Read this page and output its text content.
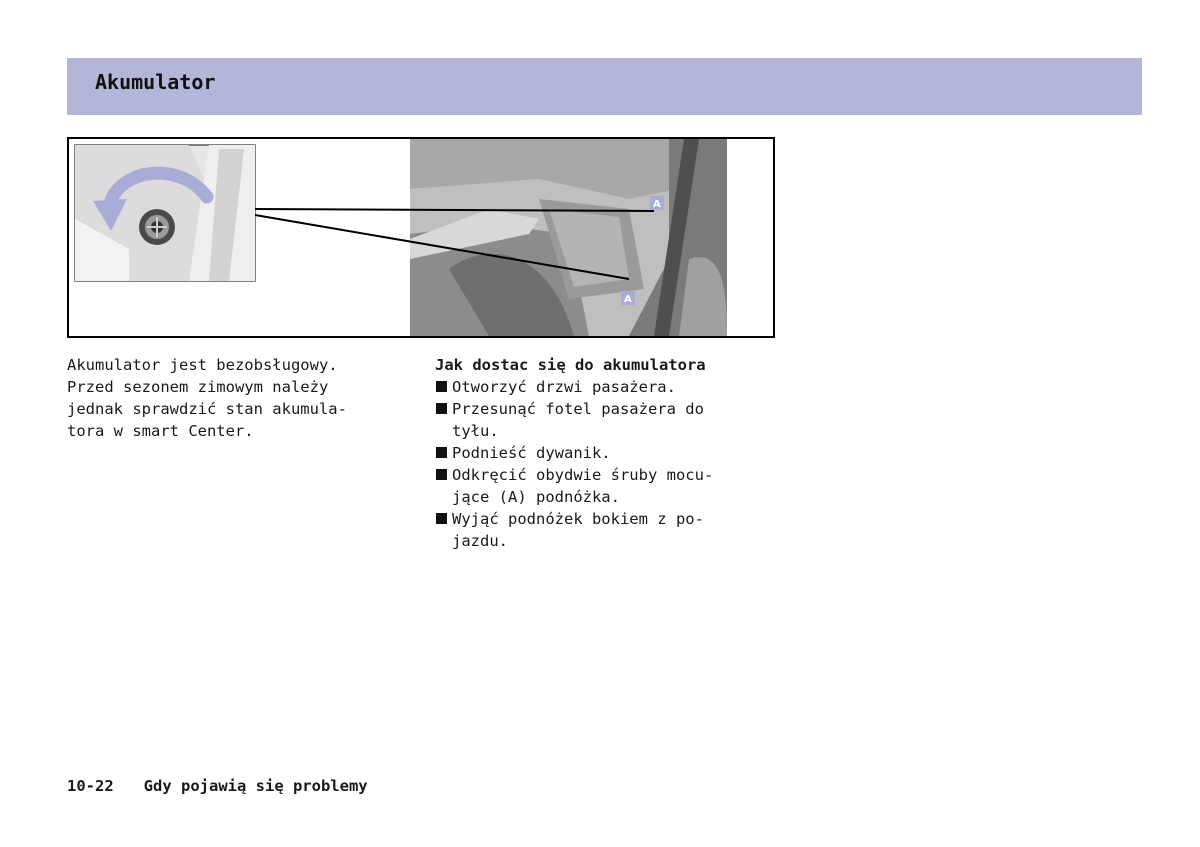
Akumulator
A
A
Akumulator jest bezobsługowy.
Przed sezonem zimowym należy
jednak sprawdzić stan akumula-
tora w smart Center.
Jak dostac się do akumulatora
Otworzyć drzwi pasażera.
Przesunąć fotel pasażera do
tyłu.
Podnieść dywanik.
Odkręcić obydwie śruby mocu-
jące (A) podnóżka.
Wyjąć podnóżek bokiem z po-
jazdu.
10-22 Gdy pojawią się problemy
